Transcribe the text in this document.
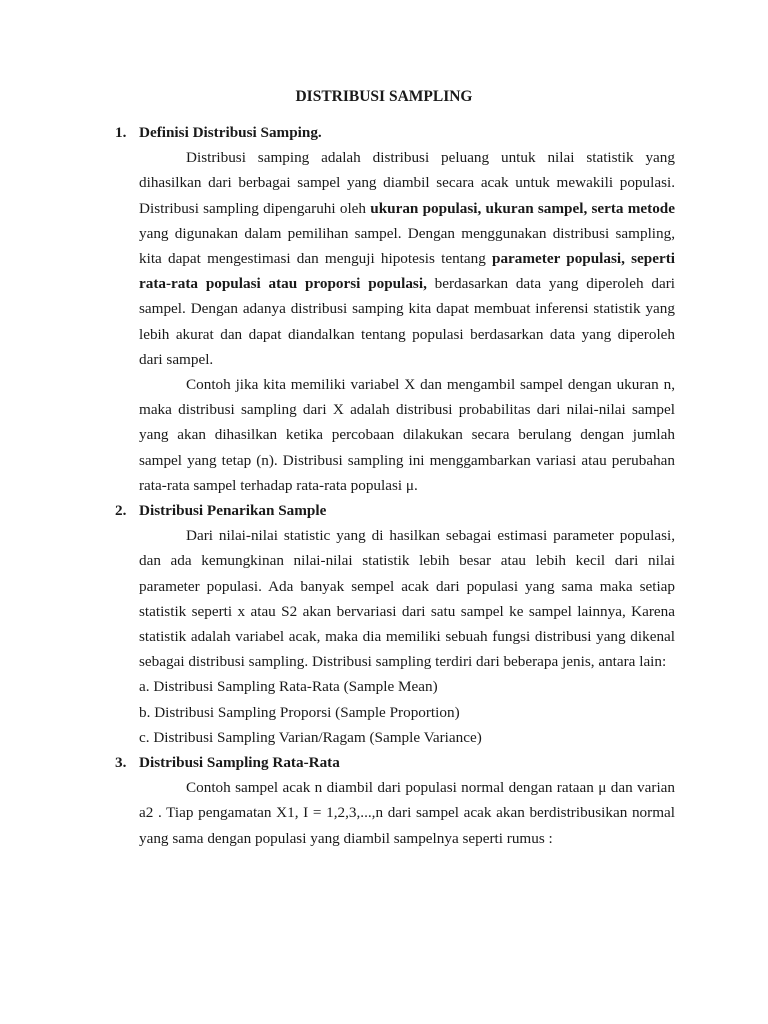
DISTRIBUSI SAMPLING
1. Definisi Distribusi Samping.
Distribusi samping adalah distribusi peluang untuk nilai statistik yang dihasilkan dari berbagai sampel yang diambil secara acak untuk mewakili populasi. Distribusi sampling dipengaruhi oleh ukuran populasi, ukuran sampel, serta metode yang digunakan dalam pemilihan sampel. Dengan menggunakan distribusi sampling, kita dapat mengestimasi dan menguji hipotesis tentang parameter populasi, seperti rata-rata populasi atau proporsi populasi, berdasarkan data yang diperoleh dari sampel. Dengan adanya distribusi samping kita dapat membuat inferensi statistik yang lebih akurat dan dapat diandalkan tentang populasi berdasarkan data yang diperoleh dari sampel.
Contoh jika kita memiliki variabel X dan mengambil sampel dengan ukuran n, maka distribusi sampling dari X adalah distribusi probabilitas dari nilai-nilai sampel yang akan dihasilkan ketika percobaan dilakukan secara berulang dengan jumlah sampel yang tetap (n). Distribusi sampling ini menggambarkan variasi atau perubahan rata-rata sampel terhadap rata-rata populasi μ.
2. Distribusi Penarikan Sample
Dari nilai-nilai statistic yang di hasilkan sebagai estimasi parameter populasi, dan ada kemungkinan nilai-nilai statistik lebih besar atau lebih kecil dari nilai parameter populasi. Ada banyak sempel acak dari populasi yang sama maka setiap statistik seperti x atau S2 akan bervariasi dari satu sampel ke sampel lainnya, Karena statistik adalah variabel acak, maka dia memiliki sebuah fungsi distribusi yang dikenal sebagai distribusi sampling. Distribusi sampling terdiri dari beberapa jenis, antara lain:
a. Distribusi Sampling Rata-Rata (Sample Mean)
b. Distribusi Sampling Proporsi (Sample Proportion)
c. Distribusi Sampling Varian/Ragam (Sample Variance)
3. Distribusi Sampling Rata-Rata
Contoh sampel acak n diambil dari populasi normal dengan rataan μ dan varian a2 . Tiap pengamatan X1, I = 1,2,3,...,n dari sampel acak akan berdistribusikan normal yang sama dengan populasi yang diambil sampelnya seperti rumus :
